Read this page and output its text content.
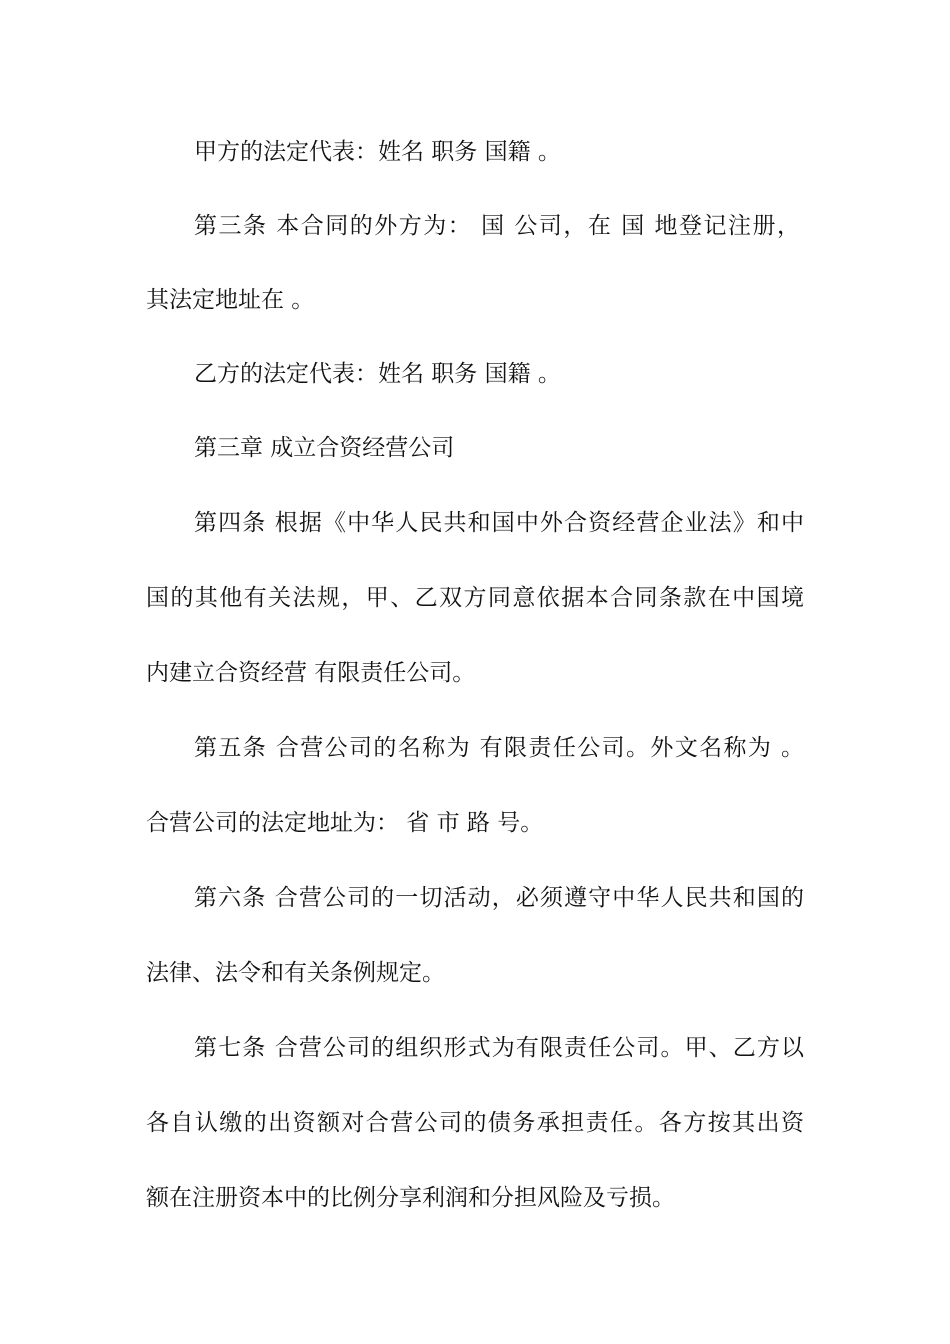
甲方的法定代表：姓名 职务 国籍 。
第三条 本合同的外方为： 国 公司，在 国 地登记注册，
其法定地址在 。
乙方的法定代表：姓名 职务 国籍 。
第三章 成立合资经营公司
第四条 根据《中华人民共和国中外合资经营企业法》和中
国的其他有关法规，甲、乙双方同意依据本合同条款在中国境
内建立合资经营 有限责任公司。
第五条 合营公司的名称为 有限责任公司。外文名称为 。
合营公司的法定地址为： 省 市 路 号。
第六条 合营公司的一切活动，必须遵守中华人民共和国的
法律、法令和有关条例规定。
第七条 合营公司的组织形式为有限责任公司。甲、乙方以
各自认缴的出资额对合营公司的债务承担责任。各方按其出资
额在注册资本中的比例分享利润和分担风险及亏损。
